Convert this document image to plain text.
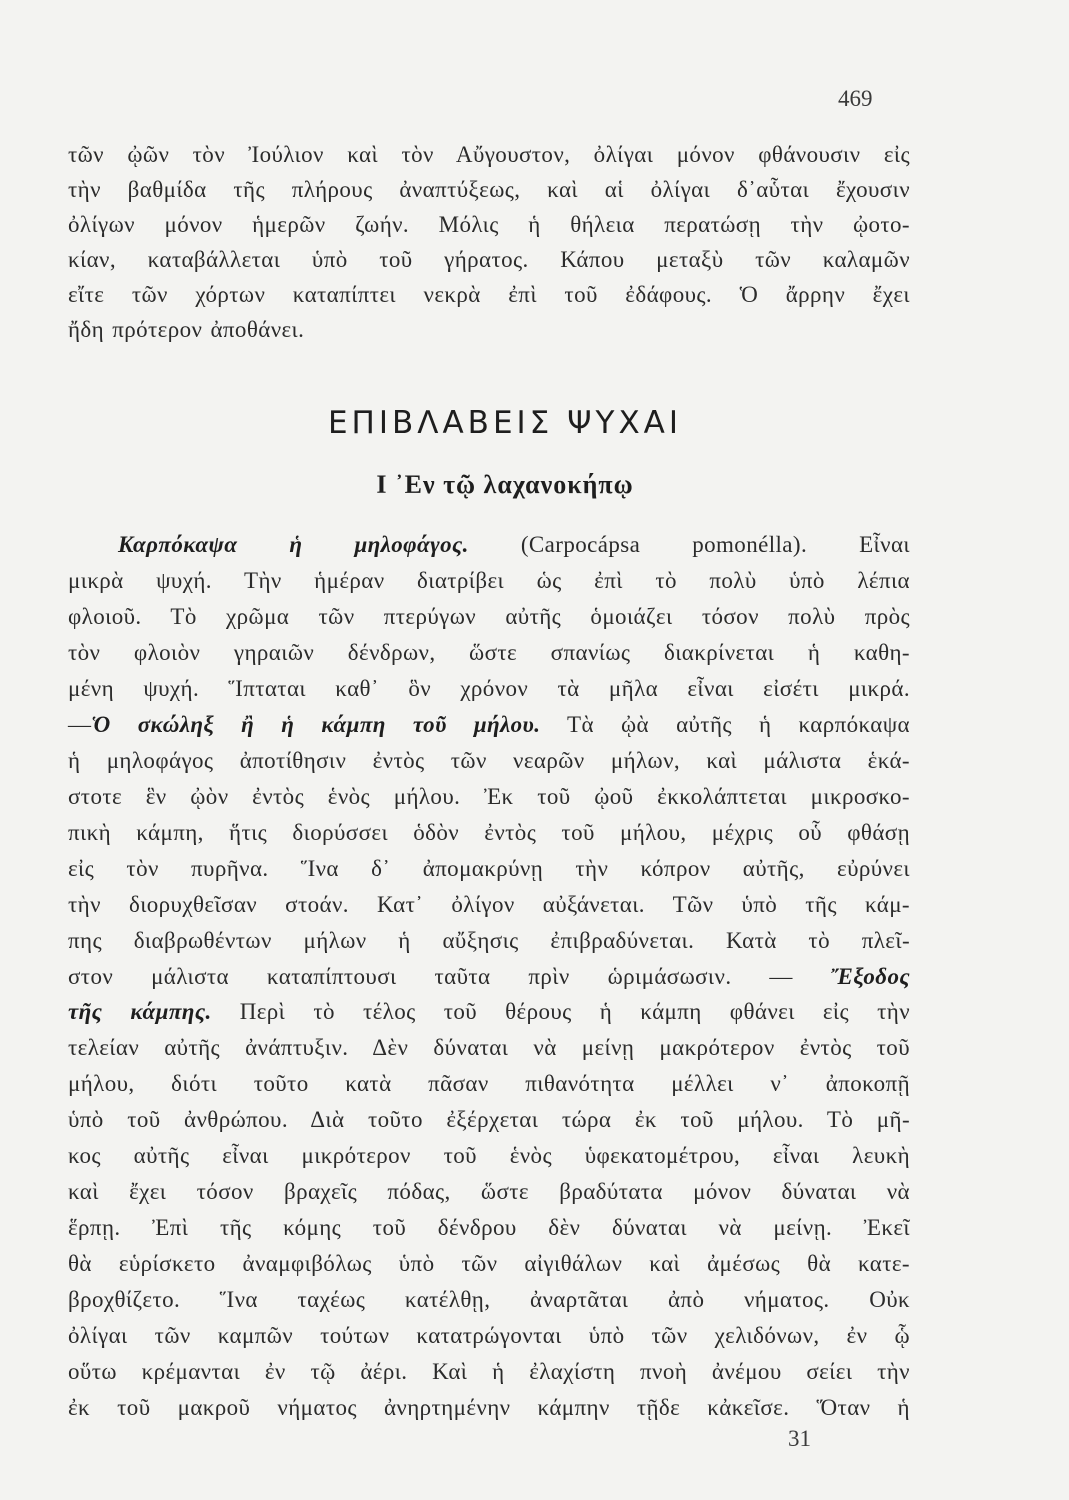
469
τῶν ᾠῶν τὸν Ἰούλιον καὶ τὸν Αὔγουστον, ὀλίγαι μόνον φθάνουσιν εἰς
τὴν βαθμίδα τῆς πλήρους ἀναπτύξεως, καὶ αἱ ὀλίγαι δ᾽αὗται ἔχουσιν
ὀλίγων μόνον ἡμερῶν ζωήν. Μόλις ἡ θήλεια περατώσῃ τὴν ᾠοτο-
κίαν, καταβάλλεται ὑπὸ τοῦ γήρατος. Κάπου μεταξὺ τῶν καλαμῶν
εἴτε τῶν χόρτων καταπίπτει νεκρὰ ἐπὶ τοῦ ἐδάφους. Ὁ ἄρρην ἔχει
ἤδη πρότερον ἀποθάνει.
ΕΠΙΒΛΑΒΕΙΣ ΨΥΧΑΙ
Ι ᾿Εν τῷ λαχανοκήπῳ
Καρπόκαψα ἡ μηλοφάγος. (Carpocápsa pomonélla). Εἶναι
μικρὰ ψυχή. Τὴν ἡμέραν διατρίβει ὡς ἐπὶ τὸ πολὺ ὑπὸ λέπια
φλοιοῦ. Τὸ χρῶμα τῶν πτερύγων αὐτῆς ὁμοιάζει τόσον πολὺ πρὸς
τὸν φλοιὸν γηραιῶν δένδρων, ὥστε σπανίως διακρίνεται ἡ καθη-
μένη ψυχή. Ἵπταται καθ᾽ ὃν χρόνον τὰ μῆλα εἶναι εἰσέτι μικρά.
—Ὁ σκώληξ ἢ ἡ κάμπη τοῦ μήλου. Τὰ ᾠὰ αὐτῆς ἡ καρπόκαψα
ἡ μηλοφάγος ἀποτίθησιν ἐντὸς τῶν νεαρῶν μήλων, καὶ μάλιστα ἑκά-
στοτε ἓν ᾠὸν ἐντὸς ἑνὸς μήλου. Ἐκ τοῦ ᾠοῦ ἐκκολάπτεται μικροσκο-
πικὴ κάμπη, ἥτις διορύσσει ὁδὸν ἐντὸς τοῦ μήλου, μέχρις οὗ φθάσῃ
εἰς τὸν πυρῆνα. Ἵνα δ᾽ ἀπομακρύνῃ τὴν κόπρον αὐτῆς, εὐρύνει
τὴν διορυχθεῖσαν στοάν. Κατ᾽ ὀλίγον αὐξάνεται. Τῶν ὑπὸ τῆς κάμ-
πης διαβρωθέντων μήλων ἡ αὔξησις ἐπιβραδύνεται. Κατὰ τὸ πλεῖ-
στον μάλιστα καταπίπτουσι ταῦτα πρὶν ὡριμάσωσιν. — Ἔξοδος
τῆς κάμπης. Περὶ τὸ τέλος τοῦ θέρους ἡ κάμπη φθάνει εἰς τὴν
τελείαν αὐτῆς ἀνάπτυξιν. Δὲν δύναται νὰ μείνῃ μακρότερον ἐντὸς τοῦ
μήλου, διότι τοῦτο κατὰ πᾶσαν πιθανότητα μέλλει ν᾽ ἀποκοπῇ
ὑπὸ τοῦ ἀνθρώπου. Διὰ τοῦτο ἐξέρχεται τώρα ἐκ τοῦ μήλου. Τὸ μῆ-
κος αὐτῆς εἶναι μικρότερον τοῦ ἑνὸς ὑφεκατομέτρου, εἶναι λευκὴ
καὶ ἔχει τόσον βραχεῖς πόδας, ὥστε βραδύτατα μόνον δύναται νὰ
ἕρπῃ. Ἐπὶ τῆς κόμης τοῦ δένδρου δὲν δύναται νὰ μείνῃ. Ἐκεῖ
θὰ εὑρίσκετο ἀναμφιβόλως ὑπὸ τῶν αἰγιθάλων καὶ ἀμέσως θὰ κατε-
βροχθίζετο. Ἵνα ταχέως κατέλθῃ, ἀναρτᾶται ἀπὸ νήματος. Οὐκ
ὀλίγαι τῶν καμπῶν τούτων κατατρώγονται ὑπὸ τῶν χελιδόνων, ἐν ᾧ
οὕτω κρέμανται ἐν τῷ ἀέρι. Καὶ ἡ ἐλαχίστη πνοὴ ἀνέμου σείει τὴν
ἐκ τοῦ μακροῦ νήματος ἀνηρτημένην κάμπην τῇδε κἀκεῖσε. Ὅταν ἡ
31
